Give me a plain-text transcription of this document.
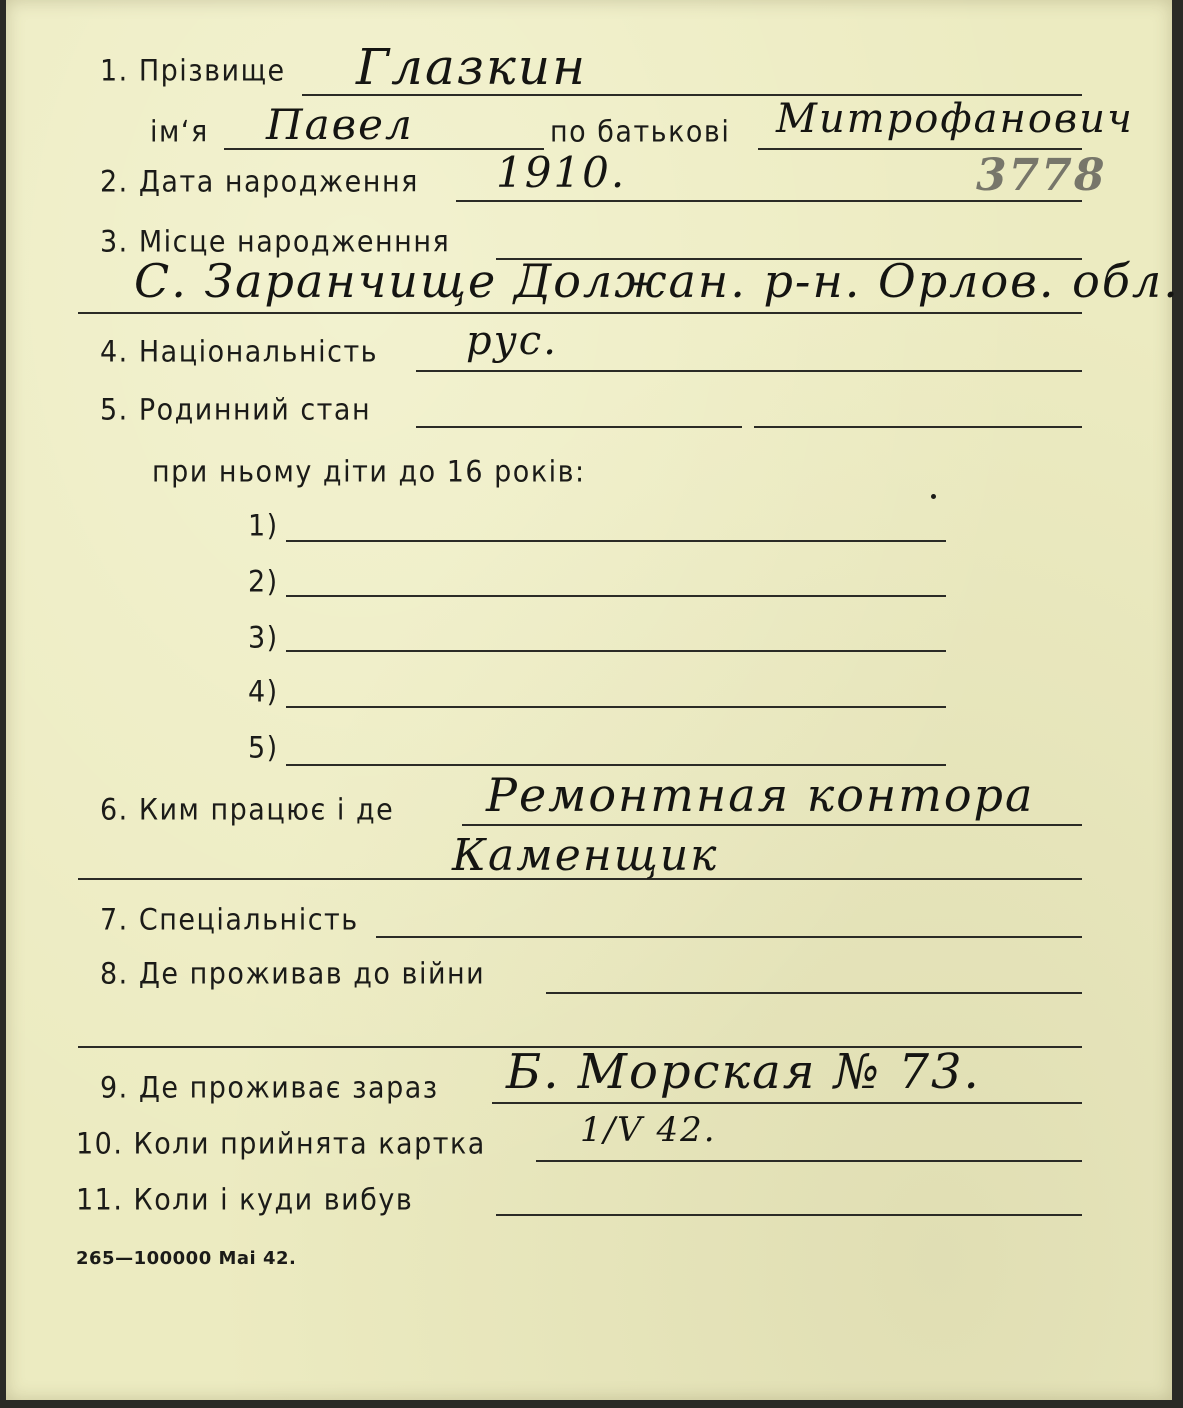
1. Прізвище Глазкин
ім‘я Павел	по батькові Митрофанович
2. Дата народження 1910.	3778
3. Місце народженння
С. Заранчище Должан. р-н. Орлов. обл.
4. Національність рус.
5. Родинний стан
при ньому діти до 16 років:
1)
2)
3)
4)
5)
6. Ким працює і де Ремонтная контора
Каменщик
7. Спеціальність
8. Де проживав до війни
9. Де проживає зараз Б. Морская № 73.
10. Коли прийнята картка	1/V 42.
11. Коли і куди вибув
265—100000 Mai 42.
